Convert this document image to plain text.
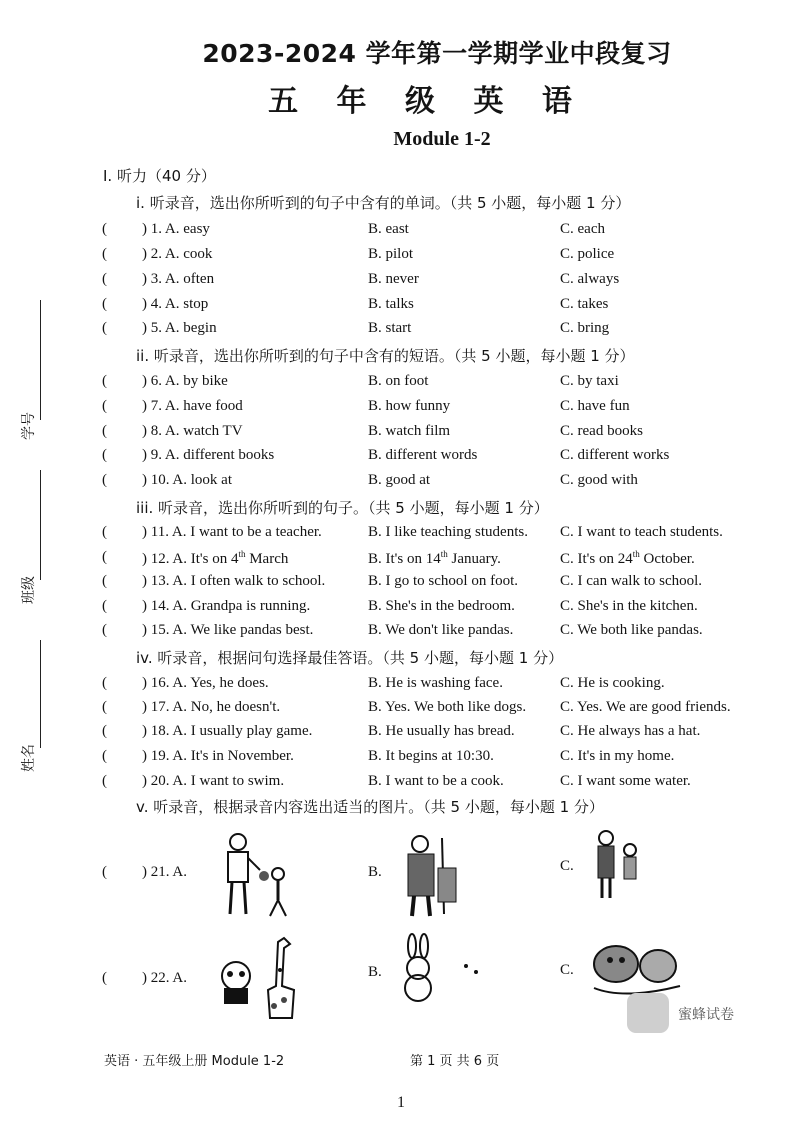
2023-2024 学年第一学期学业中段复习
五 年 级 英 语
Module 1-2
I. 听力（40 分）
i. 听录音，选出你所听到的句子中含有的单词。（共 5 小题，每小题 1 分）
( ) 1. A. easy	B. east	C. each
( ) 2. A. cook	B. pilot	C. police
( ) 3. A. often	B. never	C. always
( ) 4. A. stop	B. talks	C. takes
( ) 5. A. begin	B. start	C. bring
ii. 听录音，选出你所听到的句子中含有的短语。（共 5 小题，每小题 1 分）
( ) 6. A. by bike	B. on foot	C. by taxi
( ) 7. A. have food	B. how funny	C. have fun
( ) 8. A. watch TV	B. watch film	C. read books
( ) 9. A. different books	B. different words	C. different works
( ) 10. A. look at	B. good at	C. good with
iii. 听录音，选出你所听到的句子。（共 5 小题，每小题 1 分）
( ) 11. A. I want to be a teacher.	B. I like teaching students. C. I want to teach students.
( ) 12. A. It's on 4th March	B. It's on 14th January.	C. It's on 24th October.
( ) 13. A. I often walk to school.	B. I go to school on foot.	C. I can walk to school.
( ) 14. A. Grandpa is running.	B. She's in the bedroom.	C. She's in the kitchen.
( ) 15. A. We like pandas best.	B. We don't like pandas.	C. We both like pandas.
iv. 听录音，根据问句选择最佳答语。（共 5 小题，每小题 1 分）
( ) 16. A. Yes, he does.	B. He is washing face.	C. He is cooking.
( ) 17. A. No, he doesn't.	B. Yes. We both like dogs. C. Yes. We are good friends.
( ) 18. A. I usually play game.	B. He usually has bread.	C. He always has a hat.
( ) 19. A. It's in November.	B. It begins at 10:30.	C. It's in my home.
( ) 20. A. I want to swim.	B. I want to be a cook.	C. I want some water.
v. 听录音，根据录音内容选出适当的图片。（共 5 小题，每小题 1 分）
( ) 21. A.	B.	C.
( ) 22. A.	B.	C.
学号
班级
姓名
蜜蜂试卷
英语 · 五年级上册 Module 1-2	第 1 页 共 6 页
1
